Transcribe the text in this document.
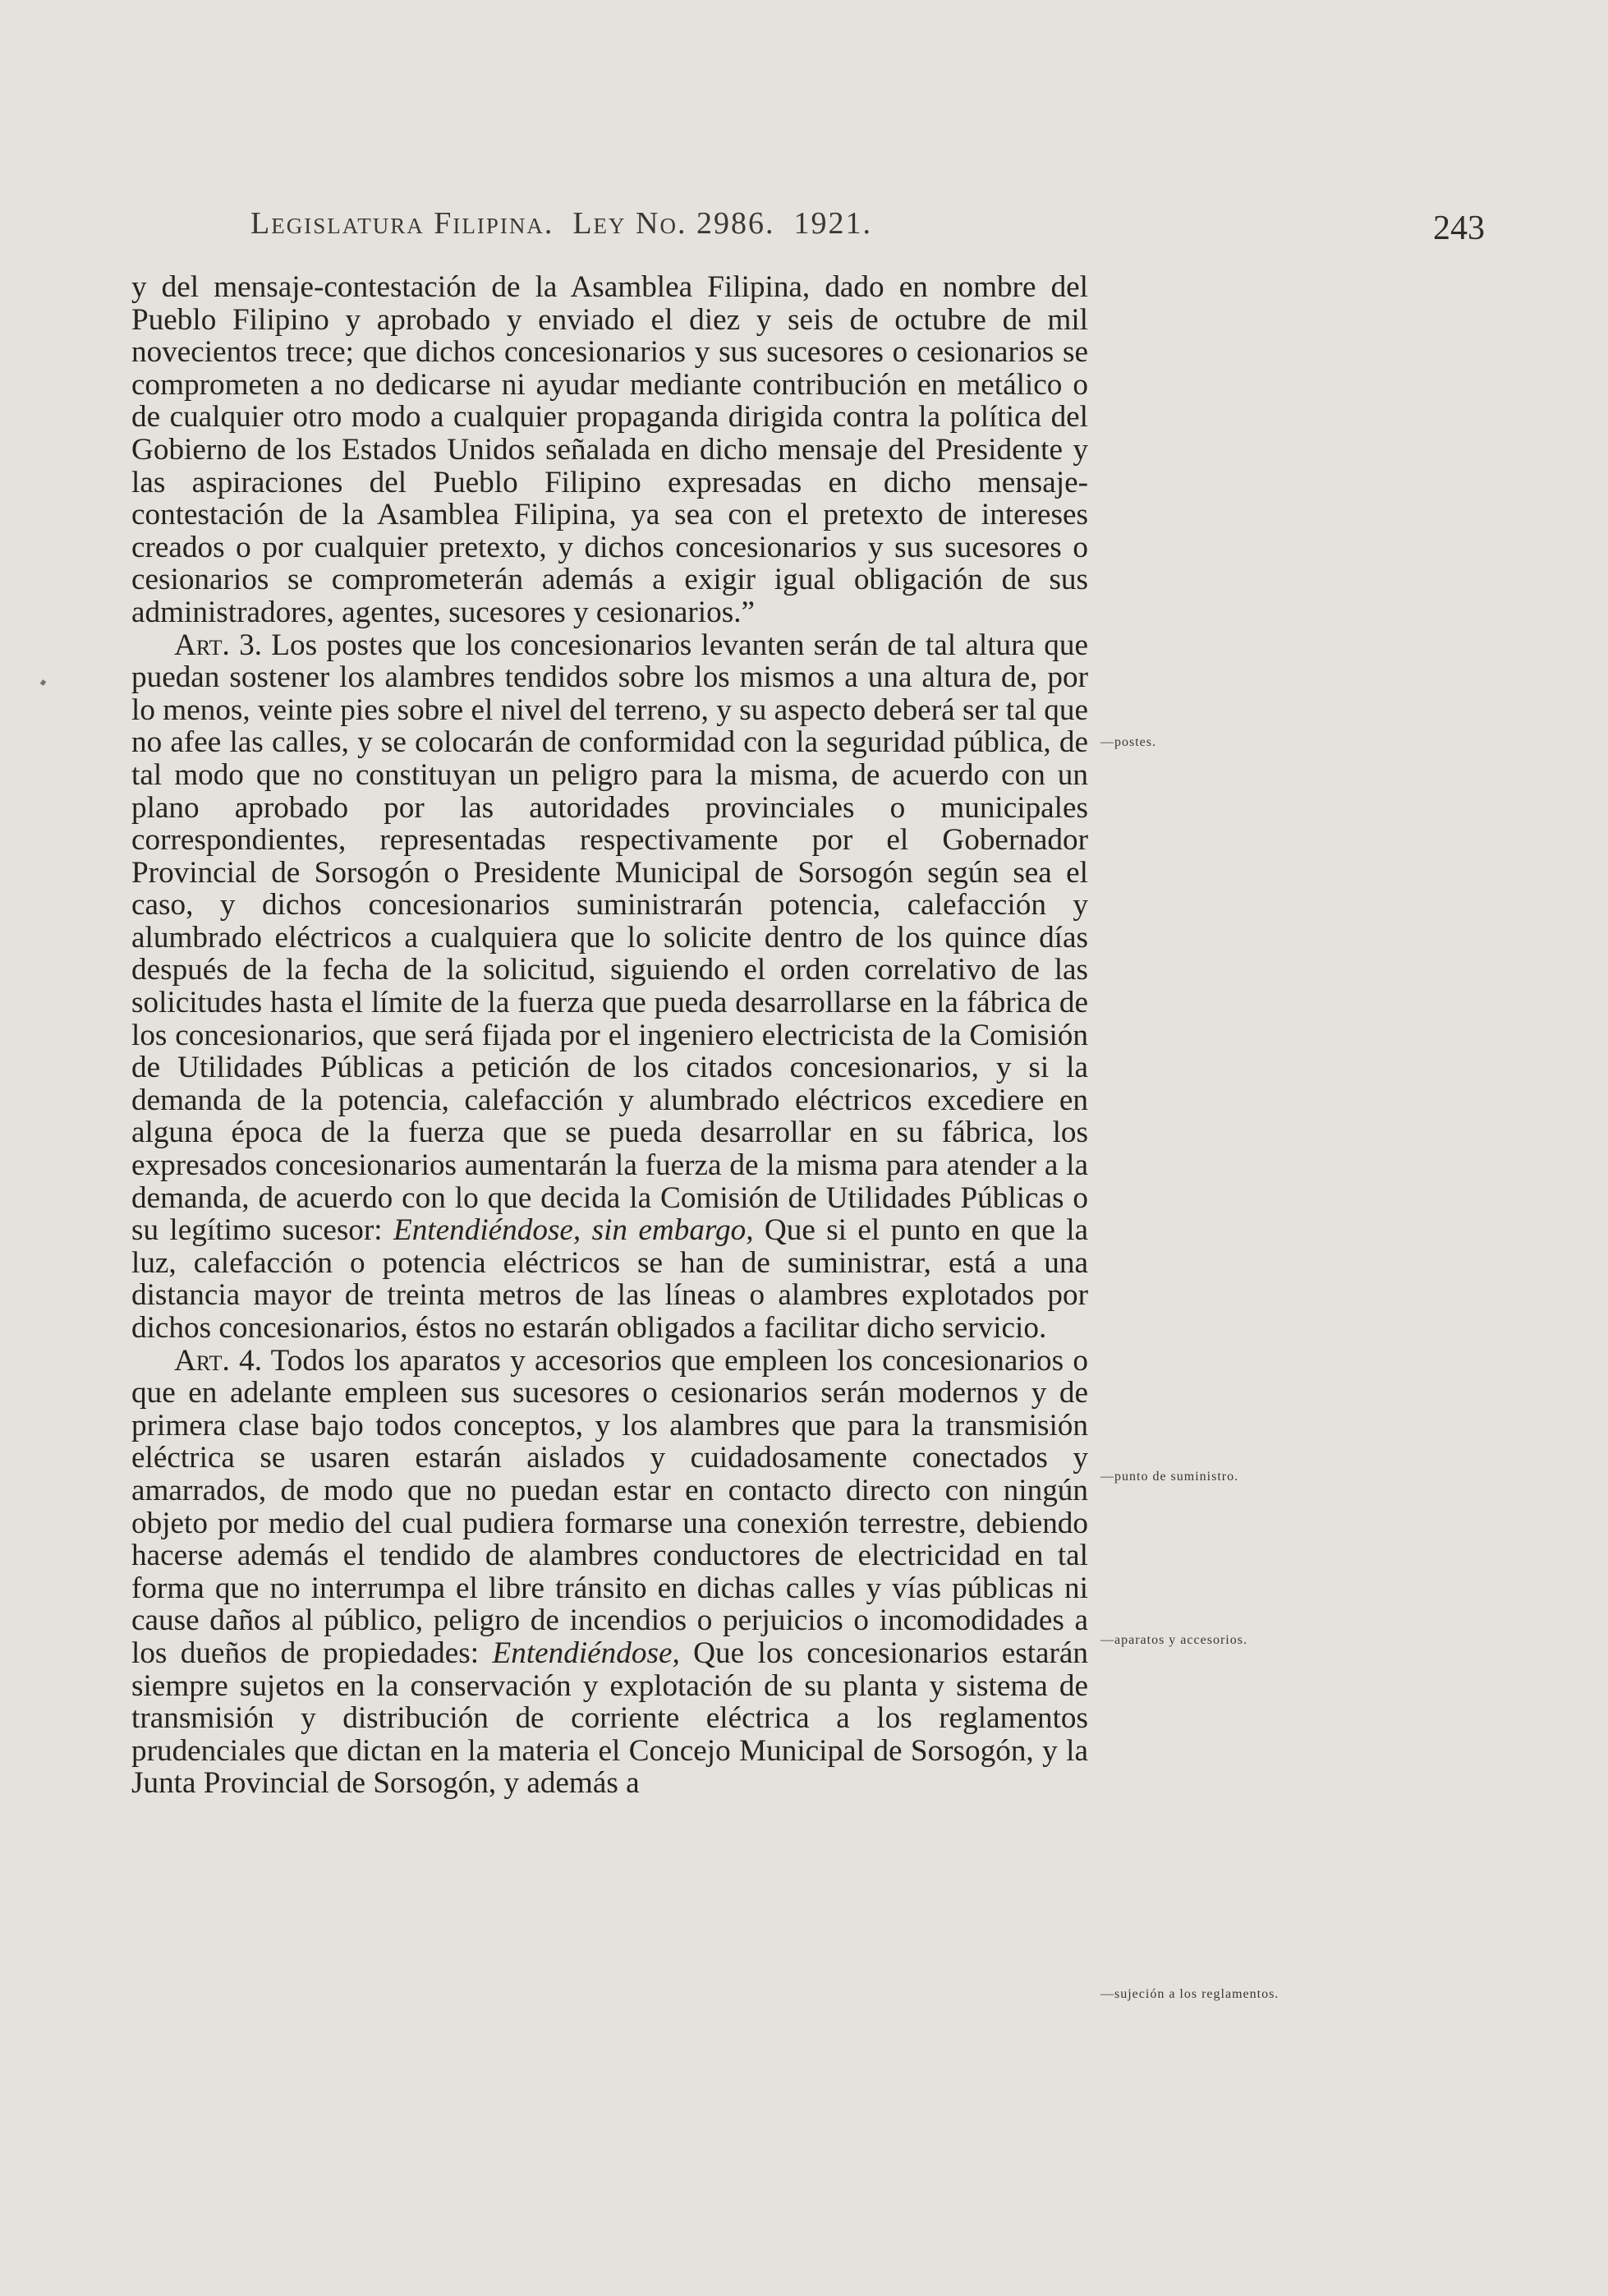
Legislatura Filipina. Ley No. 2986. 1921.	243

y del mensaje-contestación de la Asamblea Filipina, dado en nombre del Pueblo Filipino y aprobado y enviado el diez y seis de octubre de mil novecientos trece; que dichos concesionarios y sus sucesores o cesionarios se comprometen a no dedicarse ni ayudar mediante contribución en metálico o de cualquier otro modo a cualquier propaganda dirigida contra la política del Gobierno de los Estados Unidos señalada en dicho mensaje del Presidente y las aspiraciones del Pueblo Filipino expresadas en dicho mensaje-contestación de la Asamblea Filipina, ya sea con el pretexto de intereses creados o por cualquier pretexto, y dichos concesionarios y sus sucesores o cesionarios se comprometerán además a exigir igual obligación de sus administradores, agentes, sucesores y cesionarios.”

Art. 3. Los postes que los concesionarios levanten serán de tal altura que puedan sostener los alambres tendidos sobre los mismos a una altura de, por lo menos, veinte pies sobre el nivel del terreno, y su aspecto deberá ser tal que no afee las calles, y se colocarán de conformidad con la seguridad pública, de tal modo que no constituyan un peligro para la misma, de acuerdo con un plano aprobado por las autoridades provinciales o municipales correspondientes, representadas respectivamente por el Gobernador Provincial de Sorsogón o Presidente Municipal de Sorsogón según sea el caso, y dichos concesionarios suministrarán potencia, calefacción y alumbrado eléctricos a cualquiera que lo solicite dentro de los quince días después de la fecha de la solicitud, siguiendo el orden correlativo de las solicitudes hasta el límite de la fuerza que pueda desarrollarse en la fábrica de los concesionarios, que será fijada por el ingeniero electricista de la Comisión de Utilidades Públicas a petición de los citados concesionarios, y si la demanda de la potencia, calefacción y alumbrado eléctricos excediere en alguna época de la fuerza que se pueda desarrollar en su fábrica, los expresados concesionarios aumentarán la fuerza de la misma para atender a la demanda, de acuerdo con lo que decida la Comisión de Utilidades Públicas o su legítimo sucesor: Entendiéndose, sin embargo, Que si el punto en que la luz, calefacción o potencia eléctricos se han de suministrar, está a una distancia mayor de treinta metros de las líneas o alambres explotados por dichos concesionarios, éstos no estarán obligados a facilitar dicho servicio.

Art. 4. Todos los aparatos y accesorios que empleen los concesionarios o que en adelante empleen sus sucesores o cesionarios serán modernos y de primera clase bajo todos conceptos, y los alambres que para la transmisión eléctrica se usaren estarán aislados y cuidadosamente conectados y amarrados, de modo que no puedan estar en contacto directo con ningún objeto por medio del cual pudiera formarse una conexión terrestre, debiendo hacerse además el tendido de alambres conductores de electricidad en tal forma que no interrumpa el libre tránsito en dichas calles y vías públicas ni cause daños al público, peligro de incendios o perjuicios o incomodidades a los dueños de propiedades: Entendiéndose, Que los concesionarios estarán siempre sujetos en la conservación y explotación de su planta y sistema de transmisión y distribución de corriente eléctrica a los reglamentos prudenciales que dictan en la materia el Concejo Municipal de Sorsogón, y la Junta Provincial de Sorsogón, y además a

—postes.
—punto de suministro.
—aparatos y accesorios.
—sujeción a los reglamentos.
